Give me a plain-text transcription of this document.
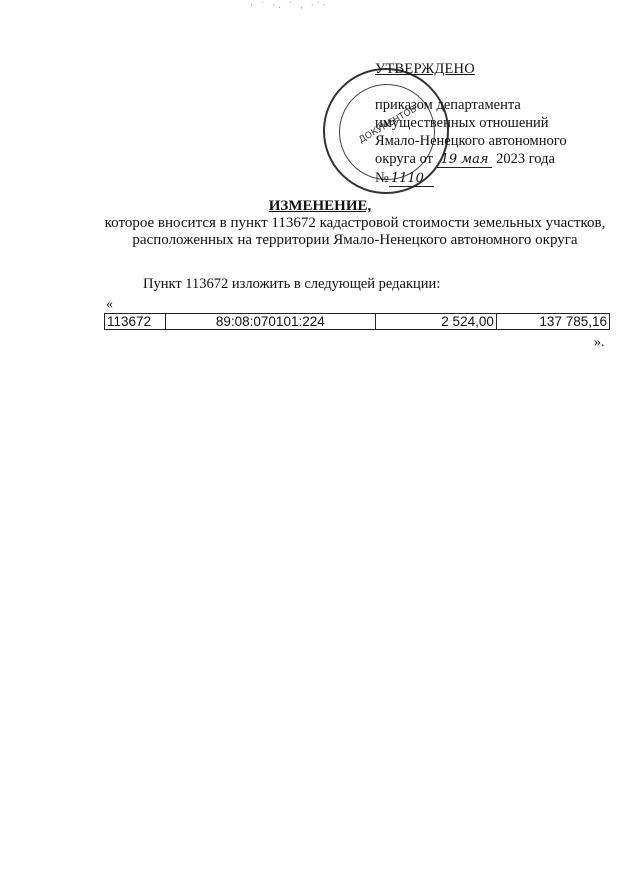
· ˙ ·. ˙ , ·˙·
ДОКУМЕНТОВ
УТВЕРЖДЕНО
приказом департамента
имущественных отношений
Ямало-Ненецкого автономного
округа от 19 мая 2023 года
№ 1110
ИЗМЕНЕНИЕ,
которое вносится в пункт 113672 кадастровой стоимости земельных участков,
расположенных на территории Ямало-Ненецкого автономного округа
Пункт 113672 изложить в следующей редакции:
«
113672	89:08:070101:224	2 524,00	137 785,16
».
